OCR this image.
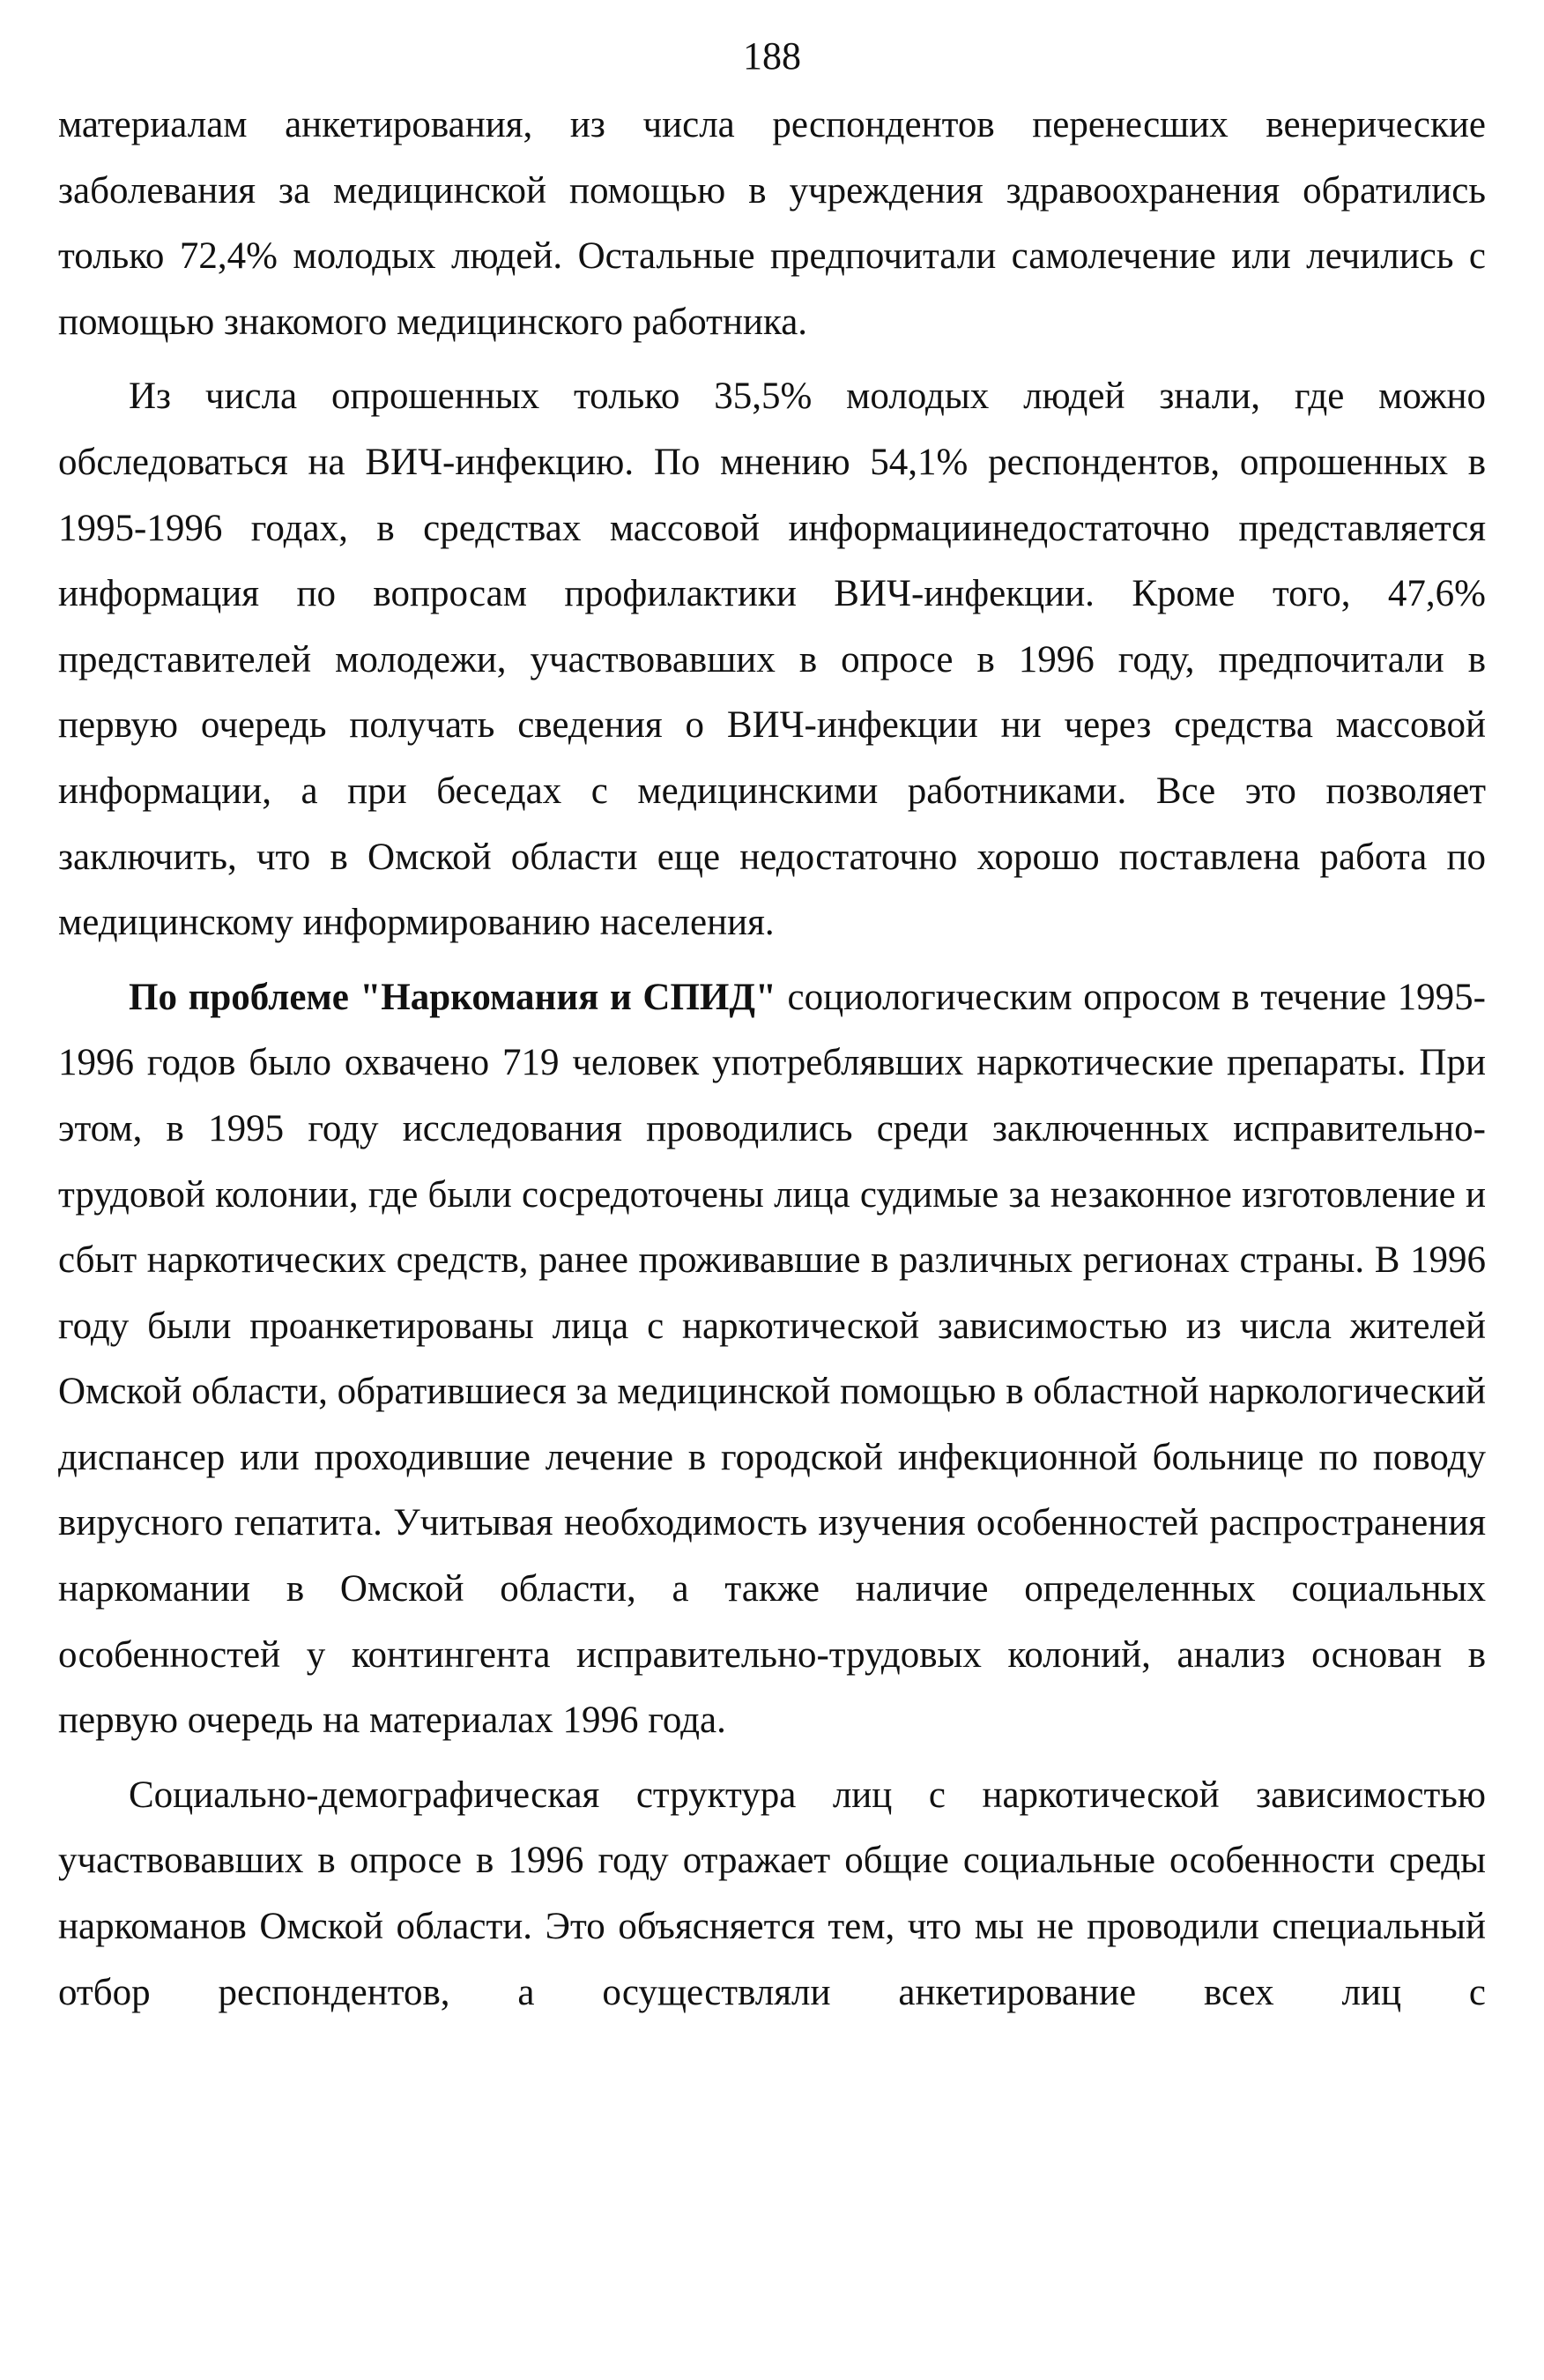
188

материалам анкетирования, из числа респондентов перенесших венерические заболевания за медицинской помощью в учреждения здравоохранения обратились только 72,4% молодых людей. Остальные предпочитали самолечение или лечились с помощью знакомого медицинского работника.

Из числа опрошенных только 35,5% молодых людей знали, где можно обследоваться на ВИЧ-инфекцию. По мнению 54,1% респондентов, опрошенных в 1995-1996 годах, в средствах массовой информациинедостаточно представляется информация по вопросам профилактики ВИЧ-инфекции. Кроме того, 47,6% представителей молодежи, участвовавших в опросе в 1996 году, предпочитали в первую очередь получать сведения о ВИЧ-инфекции ни через средства массовой информации, а при беседах с медицинскими работниками. Все это позволяет заключить, что в Омской области еще недостаточно хорошо поставлена работа по медицинскому информированию населения.

По проблеме "Наркомания и СПИД" социологическим опросом в течение 1995-1996 годов было охвачено 719 человек употреблявших наркотические препараты. При этом, в 1995 году исследования проводились среди заключенных исправительно-трудовой колонии, где были сосредоточены лица судимые за незаконное изготовление и сбыт наркотических средств, ранее проживавшие в различных регионах страны. В 1996 году были проанкетированы лица с наркотической зависимостью из числа жителей Омской области, обратившиеся за медицинской помощью в областной наркологический диспансер или проходившие лечение в городской инфекционной больнице по поводу вирусного гепатита. Учитывая необходимость изучения особенностей распространения наркомании в Омской области, а также наличие определенных социальных особенностей у контингента исправительно-трудовых колоний, анализ основан в первую очередь на материалах 1996 года.

Социально-демографическая структура лиц с наркотической зависимостью участвовавших в опросе в 1996 году отражает общие социальные особенности среды наркоманов Омской области. Это объясняется тем, что мы не проводили специальный отбор респондентов, а осуществляли анкетирование всех лиц с
